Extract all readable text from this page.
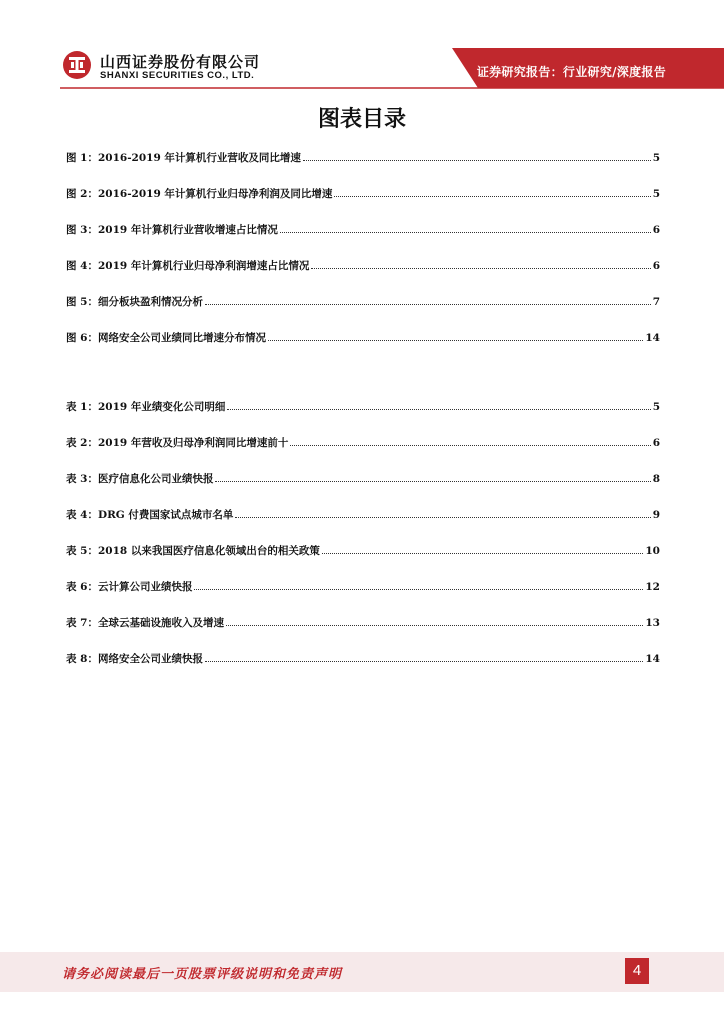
山西证券股份有限公司
SHANXI SECURITIES CO., LTD.	证券研究报告：行业研究/深度报告
图表目录
图 1： 2016-2019 年计算机行业营收及同比增速	5
图 2： 2016-2019 年计算机行业归母净利润及同比增速	5
图 3： 2019 年计算机行业营收增速占比情况	6
图 4： 2019 年计算机行业归母净利润增速占比情况	6
图 5： 细分板块盈利情况分析	7
图 6： 网络安全公司业绩同比增速分布情况	14
表 1： 2019 年业绩变化公司明细	5
表 2： 2019 年营收及归母净利润同比增速前十	6
表 3： 医疗信息化公司业绩快报	8
表 4： DRG 付费国家试点城市名单	9
表 5： 2018 以来我国医疗信息化领域出台的相关政策	10
表 6： 云计算公司业绩快报	12
表 7： 全球云基础设施收入及增速	13
表 8： 网络安全公司业绩快报	14
请务必阅读最后一页股票评级说明和免责声明	4
